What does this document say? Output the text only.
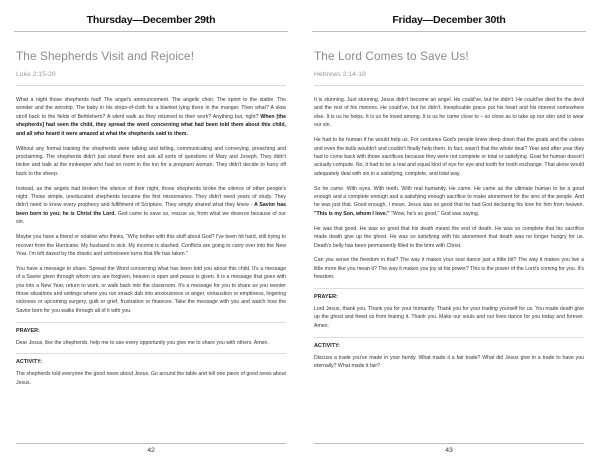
Thursday—December 29th
The Shepherds Visit and Rejoice!
Luke 2:15-20

What a night those shepherds had! The angel's announcement. The angelic choir. The sprint to the stable. The wonder and the worship. The baby in his strips-of-cloth for a blanket lying there in the manger. Then what? A slow stroll back to the fields of Bethlehem? A silent walk as they returned to their work? Anything but, right? When [the shepherds] had seen the child, they spread the word concerning what had been told them about this child, and all who heard it were amazed at what the shepherds said to them.

Without any formal training the shepherds were talking and telling, communicating and conveying, preaching and proclaiming. The shepherds didn't just stand there and ask all sorts of questions of Mary and Joseph. They didn't bicker and balk at the innkeeper who had no room in the inn for a pregnant woman. They didn't decide to hurry off back to the sheep.

Instead, as the angels had broken the silence of their night, those shepherds broke the silence of other people's night. Those simple, uneducated shepherds became the first missionaries. They didn't need years of study. They didn't need to know every prophecy and fulfillment of Scripture. They simply shared what they knew - A Savior has been born to you; he is Christ the Lord. God came to save us, rescue us, from what we deserve because of our sin.

Maybe you have a friend or relative who thinks, "Why bother with this stuff about God? I've been hit hard, still trying to recover from the Hurricane. My husband is sick. My income is slashed. Conflicts are going to carry over into the New Year. I'm left dazed by the drastic and unforeseen turns that life has taken."

You have a message to share. Spread the Word concerning what has been told you about this child. It's a message of a Savior given through whom sins are forgiven, heaven is open and peace is given. It is a message that goes with you into a New Year, return to work, or walk back into the classroom. It's a message for you to share as you reenter those situations and settings where you run smack dab into anxiousness or anger, exhaustion or emptiness, lingering sickness or upcoming surgery, guilt or grief, frustration or finances. Take the message with you and watch how the Savior born for you walks through all of it with you.

PRAYER:

Dear Jesus, like the shepherds, help me to use every opportunity you give me to share you with others. Amen.

ACTIVITY:

The shepherds told everyone the good news about Jesus. Go around the table and tell one piece of good news about Jesus.

42
Friday—December 30th
The Lord Comes to Save Us!
Hebrews 2:14-18

It is stunning. Just stunning. Jesus didn't become an angel. He could've, but he didn't. He could've died for the devil and the rest of his minions. He could've, but he didn't. Inexplicable grace put his heart and his interest somewhere else. It is us he helps. It is us he loved among. It is us he came close to – so close as to take up our skin and to wear our sin.

He had to be human if he would help us. For centuries God's people knew deep down that the goats and the calves and even the bulls wouldn't and couldn't finally help them. In fact, wasn't that the whole deal? Year and after year they had to come back with those sacrifices because they were not complete or total or satisfying. Goat for human doesn't actually compute. No, it had to be a real and equal kind of eye for eye and tooth for tooth exchange. That alone would adequately deal with sin in a satisfying, complete, and total way.

So he came. With eyes. With teeth. With real humanity. He came. He came as the ultimate human to be a good enough and a complete enough and a satisfying enough sacrifice to make atonement for the sins of the people. And he was just that. Good enough, I mean. Jesus was so good that he had God declaring his love for him from heaven. "This is my Son, whom I love." "Wow, he's so good," God was saying.

He was that good. He was so good that his death meant the end of death. He was so complete that his sacrifice made death give up the ghost. He was so satisfying with his atonement that death was no longer hungry for us. Death's belly has been permanently filled to the brim with Christ.

Can you sense the freedom in that? The way it makes your soul dance just a little bit? The way it makes you live a little more like you mean it? The way it makes you joy at his power? This is the power of the Lord's coming for you. It's freedom.

PRAYER:

Lord Jesus, thank you. Thank you for your humanity. Thank you for your trading yourself for us. You made death give up the ghost and freed us from fearing it. Thank you. Make our souls and our lives dance for you today and forever. Amen.

ACTIVITY:

Discuss a trade you've made in your family. What made it a fair trade? What did Jesus give in a trade to have you eternally? What made it fair?

43
